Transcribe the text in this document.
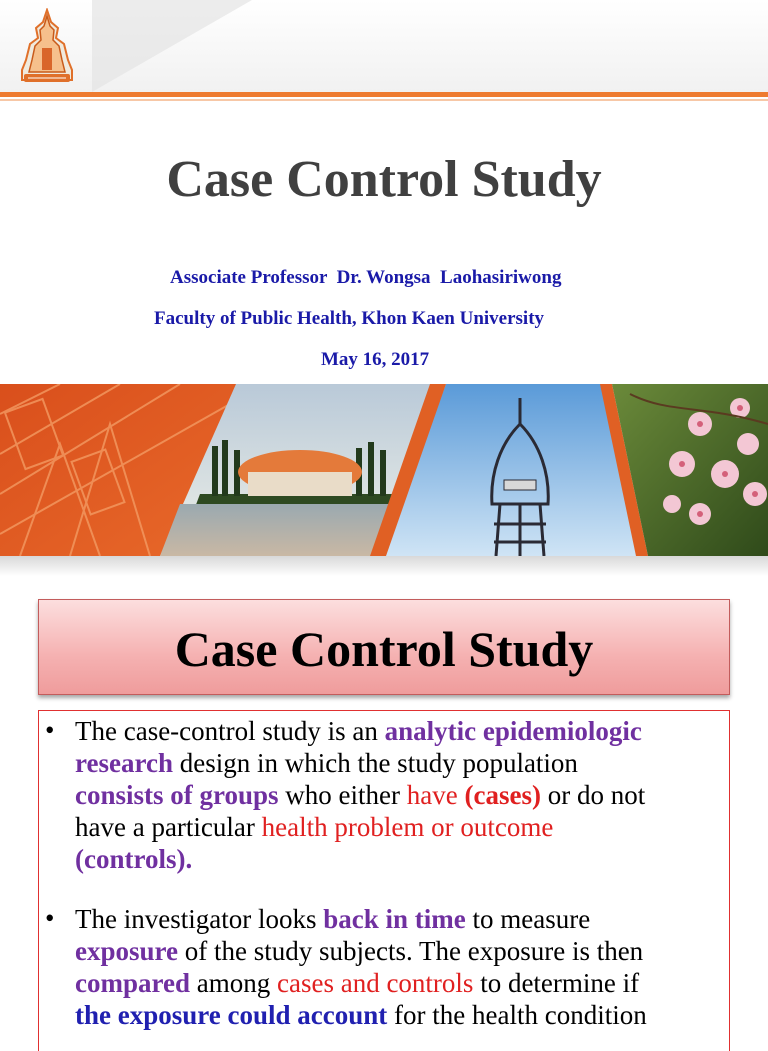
Case Control Study
Associate Professor  Dr. Wongsa  Laohasiriwong
Faculty of Public Health, Khon Kaen University
May 16, 2017
Case Control Study
• The case-control study is an analytic epidemiologic
research design in which the study population
consists of groups who either have (cases) or do not
have a particular health problem or outcome
(controls).
• The investigator looks back in time to measure
exposure of the study subjects. The exposure is then
compared among cases and controls to determine if
the exposure could account for the health condition
